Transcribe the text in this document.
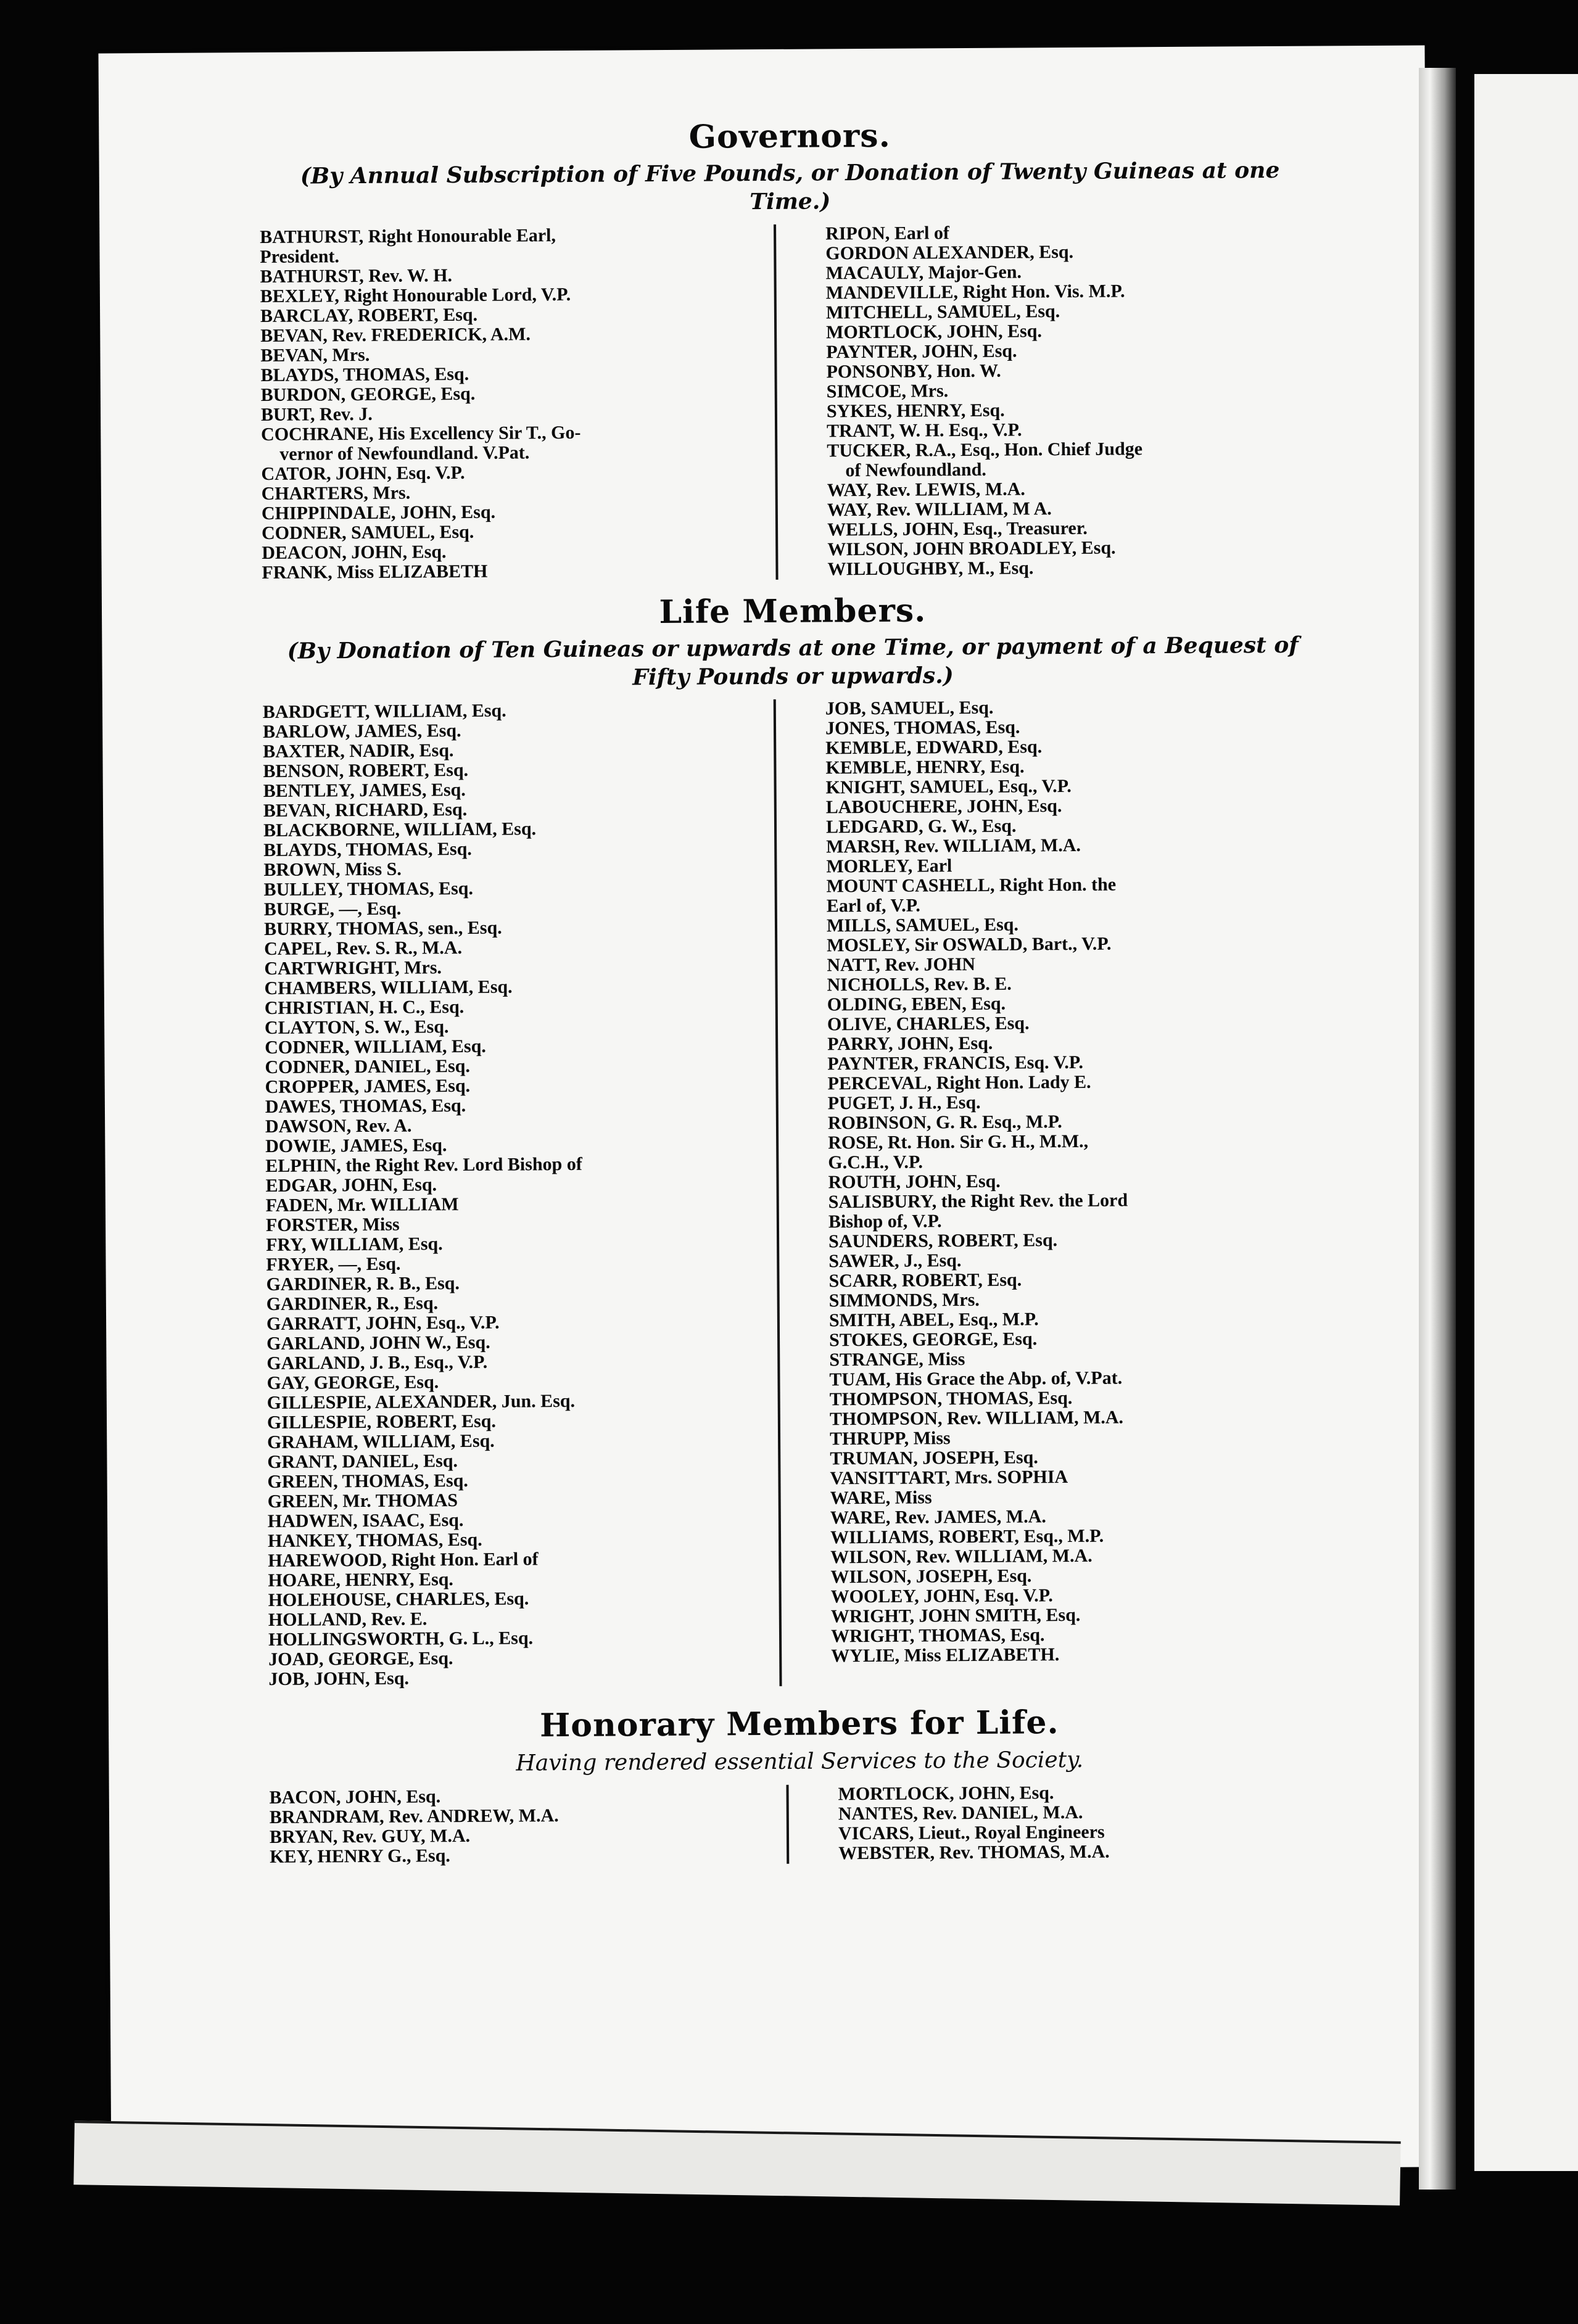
Governors.
(By Annual Subscription of Five Pounds, or Donation of Twenty Guineas at one Time.)
BATHURST, Right Honourable Earl,
President.
BATHURST, Rev. W. H.
BEXLEY, Right Honourable Lord, V.P.
BARCLAY, ROBERT, Esq.
BEVAN, Rev. FREDERICK, A.M.
BEVAN, Mrs.
BLAYDS, THOMAS, Esq.
BURDON, GEORGE, Esq.
BURT, Rev. J.
COCHRANE, His Excellency Sir T., Go-
vernor of Newfoundland. V.Pat.
CATOR, JOHN, Esq. V.P.
CHARTERS, Mrs.
CHIPPINDALE, JOHN, Esq.
CODNER, SAMUEL, Esq.
DEACON, JOHN, Esq.
FRANK, Miss ELIZABETH
RIPON, Earl of
GORDON ALEXANDER, Esq.
MACAULY, Major-Gen.
MANDEVILLE, Right Hon. Vis. M.P.
MITCHELL, SAMUEL, Esq.
MORTLOCK, JOHN, Esq.
PAYNTER, JOHN, Esq.
PONSONBY, Hon. W.
SIMCOE, Mrs.
SYKES, HENRY, Esq.
TRANT, W. H. Esq., V.P.
TUCKER, R.A., Esq., Hon. Chief Judge
of Newfoundland.
WAY, Rev. LEWIS, M.A.
WAY, Rev. WILLIAM, M A.
WELLS, JOHN, Esq., Treasurer.
WILSON, JOHN BROADLEY, Esq.
WILLOUGHBY, M., Esq.
Life Members.
(By Donation of Ten Guineas or upwards at one Time, or payment of a Bequest of Fifty Pounds or upwards.)
BARDGETT, WILLIAM, Esq.
BARLOW, JAMES, Esq.
BAXTER, NADIR, Esq.
BENSON, ROBERT, Esq.
BENTLEY, JAMES, Esq.
BEVAN, RICHARD, Esq.
BLACKBORNE, WILLIAM, Esq.
BLAYDS, THOMAS, Esq.
BROWN, Miss S.
BULLEY, THOMAS, Esq.
BURGE, —, Esq.
BURRY, THOMAS, sen., Esq.
CAPEL, Rev. S. R., M.A.
CARTWRIGHT, Mrs.
CHAMBERS, WILLIAM, Esq.
CHRISTIAN, H. C., Esq.
CLAYTON, S. W., Esq.
CODNER, WILLIAM, Esq.
CODNER, DANIEL, Esq.
CROPPER, JAMES, Esq.
DAWES, THOMAS, Esq.
DAWSON, Rev. A.
DOWIE, JAMES, Esq.
ELPHIN, the Right Rev. Lord Bishop of
EDGAR, JOHN, Esq.
FADEN, Mr. WILLIAM
FORSTER, Miss
FRY, WILLIAM, Esq.
FRYER, —, Esq.
GARDINER, R. B., Esq.
GARDINER, R., Esq.
GARRATT, JOHN, Esq., V.P.
GARLAND, JOHN W., Esq.
GARLAND, J. B., Esq., V.P.
GAY, GEORGE, Esq.
GILLESPIE, ALEXANDER, Jun. Esq.
GILLESPIE, ROBERT, Esq.
GRAHAM, WILLIAM, Esq.
GRANT, DANIEL, Esq.
GREEN, THOMAS, Esq.
GREEN, Mr. THOMAS
HADWEN, ISAAC, Esq.
HANKEY, THOMAS, Esq.
HAREWOOD, Right Hon. Earl of
HOARE, HENRY, Esq.
HOLEHOUSE, CHARLES, Esq.
HOLLAND, Rev. E.
HOLLINGSWORTH, G. L., Esq.
JOAD, GEORGE, Esq.
JOB, JOHN, Esq.
JOB, SAMUEL, Esq.
JONES, THOMAS, Esq.
KEMBLE, EDWARD, Esq.
KEMBLE, HENRY, Esq.
KNIGHT, SAMUEL, Esq., V.P.
LABOUCHERE, JOHN, Esq.
LEDGARD, G. W., Esq.
MARSH, Rev. WILLIAM, M.A.
MORLEY, Earl
MOUNT CASHELL, Right Hon. the
Earl of, V.P.
MILLS, SAMUEL, Esq.
MOSLEY, Sir OSWALD, Bart., V.P.
NATT, Rev. JOHN
NICHOLLS, Rev. B. E.
OLDING, EBEN, Esq.
OLIVE, CHARLES, Esq.
PARRY, JOHN, Esq.
PAYNTER, FRANCIS, Esq. V.P.
PERCEVAL, Right Hon. Lady E.
PUGET, J. H., Esq.
ROBINSON, G. R. Esq., M.P.
ROSE, Rt. Hon. Sir G. H., M.M.,
G.C.H., V.P.
ROUTH, JOHN, Esq.
SALISBURY, the Right Rev. the Lord
Bishop of, V.P.
SAUNDERS, ROBERT, Esq.
SAWER, J., Esq.
SCARR, ROBERT, Esq.
SIMMONDS, Mrs.
SMITH, ABEL, Esq., M.P.
STOKES, GEORGE, Esq.
STRANGE, Miss
TUAM, His Grace the Abp. of, V.Pat.
THOMPSON, THOMAS, Esq.
THOMPSON, Rev. WILLIAM, M.A.
THRUPP, Miss
TRUMAN, JOSEPH, Esq.
VANSITTART, Mrs. SOPHIA
WARE, Miss
WARE, Rev. JAMES, M.A.
WILLIAMS, ROBERT, Esq., M.P.
WILSON, Rev. WILLIAM, M.A.
WILSON, JOSEPH, Esq.
WOOLEY, JOHN, Esq. V.P.
WRIGHT, JOHN SMITH, Esq.
WRIGHT, THOMAS, Esq.
WYLIE, Miss ELIZABETH.
Honorary Members for Life.
Having rendered essential Services to the Society.
BACON, JOHN, Esq.
BRANDRAM, Rev. ANDREW, M.A.
BRYAN, Rev. GUY, M.A.
KEY, HENRY G., Esq.
MORTLOCK, JOHN, Esq.
NANTES, Rev. DANIEL, M.A.
VICARS, Lieut., Royal Engineers
WEBSTER, Rev. THOMAS, M.A.
